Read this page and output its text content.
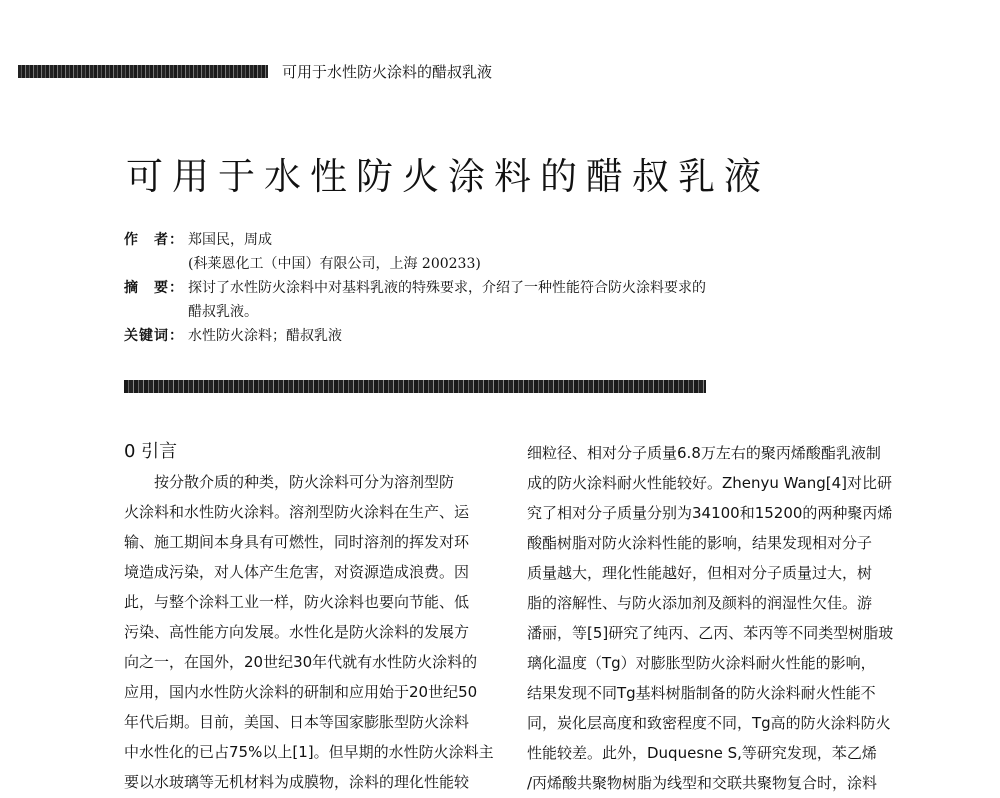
可用于水性防火涂料的醋叔乳液
可用于水性防火涂料的醋叔乳液
作　者： 郑国民，周成
(科莱恩化工（中国）有限公司，上海 200233)
摘　要： 探讨了水性防火涂料中对基料乳液的特殊要求，介绍了一种性能符合防火涂料要求的
醋叔乳液。
关键词： 水性防火涂料；醋叔乳液
0 引言
按分散介质的种类，防火涂料可分为溶剂型防
火涂料和水性防火涂料。溶剂型防火涂料在生产、运
输、施工期间本身具有可燃性，同时溶剂的挥发对环
境造成污染，对人体产生危害，对资源造成浪费。因
此，与整个涂料工业一样，防火涂料也要向节能、低
污染、高性能方向发展。水性化是防火涂料的发展方
向之一，在国外，20世纪30年代就有水性防火涂料的
应用，国内水性防火涂料的研制和应用始于20世纪50
年代后期。目前，美国、日本等国家膨胀型防火涂料
中水性化的已占75%以上[1]。但早期的水性防火涂料主
要以水玻璃等无机材料为成膜物，涂料的理化性能较
细粒径、相对分子质量6.8万左右的聚丙烯酸酯乳液制
成的防火涂料耐火性能较好。Zhenyu Wang[4]对比研
究了相对分子质量分别为34100和15200的两种聚丙烯
酸酯树脂对防火涂料性能的影响，结果发现相对分子
质量越大，理化性能越好，但相对分子质量过大，树
脂的溶解性、与防火添加剂及颜料的润湿性欠佳。游
潘丽，等[5]研究了纯丙、乙丙、苯丙等不同类型树脂玻
璃化温度（Tg）对膨胀型防火涂料耐火性能的影响，
结果发现不同Tg基料树脂制备的防火涂料耐火性能不
同，炭化层高度和致密程度不同，Tg高的防火涂料防火
性能较差。此外，Duquesne S,等研究发现，苯乙烯
/丙烯酸共聚物树脂为线型和交联共聚物复合时，涂料
